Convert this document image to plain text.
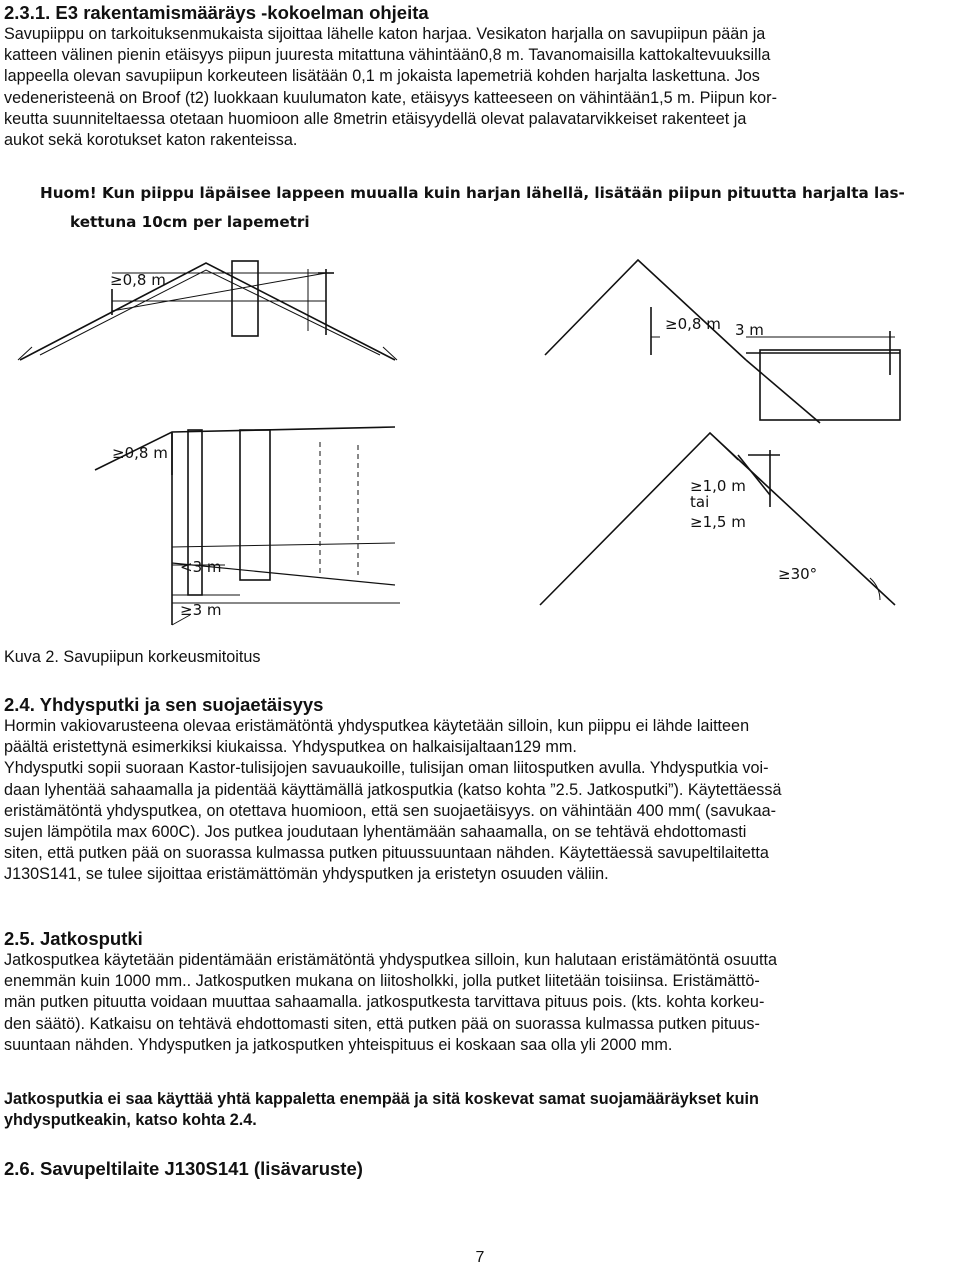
2.3.1. E3 rakentamismääräys -kokoelman ohjeita

Savupiippu on tarkoituksenmukaista sijoittaa lähelle katon harjaa. Vesikaton harjalla on savupiipun pään ja

katteen välinen pienin etäisyys piipun juuresta mitattuna vähintään0,8 m. Tavanomaisilla kattokaltevuuksilla

lappeella olevan savupiipun korkeuteen lisätään 0,1 m jokaista lapemetriä kohden harjalta laskettuna. Jos

vedeneristeenä on Broof (t2) luokkaan kuulumaton kate, etäisyys katteeseen on vähintään1,5 m. Piipun kor-

keutta suunniteltaessa otetaan huomioon alle 8metrin etäisyydellä olevat palavatarvikkeiset rakenteet ja

aukot sekä korotukset katon rakenteissa.

Huom! Kun piippu läpäisee lappeen muualla kuin harjan lähellä, lisätään piipun pituutta harjalta las-

kettuna 10cm per lapemetri

≥0,8 m
≥0,8 m 3 m
≥0,8 m
<3 m
≥3 m
≥1,0 m
tai
≥1,5 m
≥30°

Kuva 2. Savupiipun korkeusmitoitus

2.4. Yhdysputki ja sen suojaetäisyys

Hormin vakiovarusteena olevaa eristämätöntä yhdysputkea käytetään silloin, kun piippu ei lähde laitteen

päältä eristettynä esimerkiksi kiukaissa. Yhdysputkea on halkaisijaltaan129 mm.

Yhdysputki sopii suoraan Kastor-tulisijojen savuaukoille, tulisijan oman liitosputken avulla. Yhdysputkia voi-

daan lyhentää sahaamalla ja pidentää käyttämällä jatkosputkia (katso kohta ”2.5. Jatkosputki”). Käytettäessä

eristämätöntä yhdysputkea, on otettava huomioon, että sen suojaetäisyys. on vähintään 400 mm( (savukaa-

sujen lämpötila max 600C). Jos putkea joudutaan lyhentämään sahaamalla, on se tehtävä ehdottomasti

siten, että putken pää on suorassa kulmassa putken pituussuuntaan nähden. Käytettäessä savupeltilaitetta

J130S141, se tulee sijoittaa eristämättömän yhdysputken ja eristetyn osuuden väliin.

2.5. Jatkosputki

Jatkosputkea käytetään pidentämään eristämätöntä yhdysputkea silloin, kun halutaan eristämätöntä osuutta

enemmän kuin 1000 mm.. Jatkosputken mukana on liitosholkki, jolla putket liitetään toisiinsa. Eristämättö-

män putken pituutta voidaan muuttaa sahaamalla. jatkosputkesta tarvittava pituus pois. (kts. kohta korkeu-

den säätö). Katkaisu on tehtävä ehdottomasti siten, että putken pää on suorassa kulmassa putken pituus-

suuntaan nähden. Yhdysputken ja jatkosputken yhteispituus ei koskaan saa olla yli 2000 mm.

Jatkosputkia ei saa käyttää yhtä kappaletta enempää ja sitä koskevat samat suojamääräykset kuin

yhdysputkeakin, katso kohta 2.4.

2.6. Savupeltilaite J130S141 (lisävaruste)

7
